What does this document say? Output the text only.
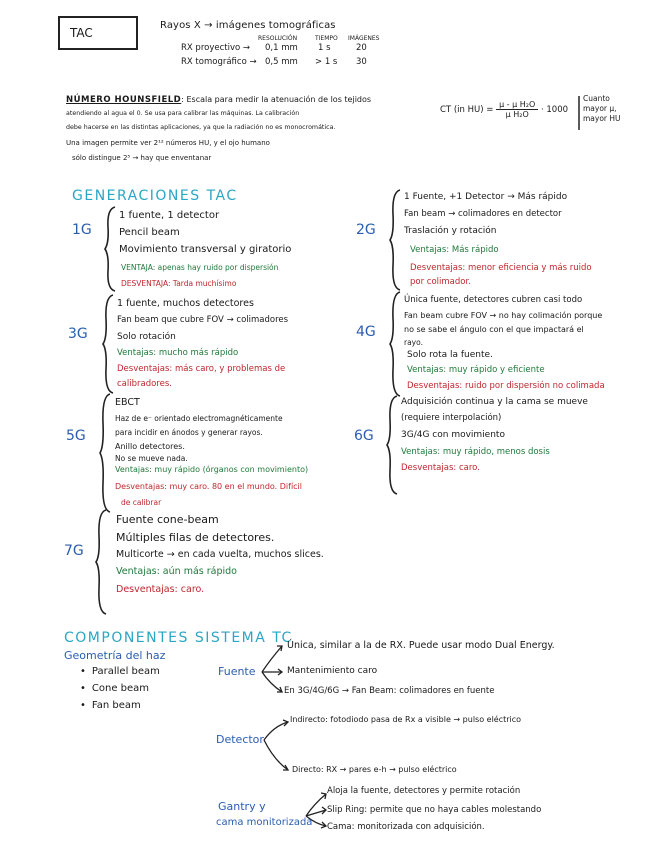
TAC
Rayos X → imágenes tomográficas
RESOLUCIÓN	TIEMPO IMÁGENES
RX proyectivo → 0,1 mm 1 s	20
RX tomográfico → 0,5 mm > 1 s 30
NÚMERO HOUNSFIELD: Escala para medir la atenuación de los tejidos
atendiendo al agua el 0. Se usa para calibrar las máquinas. La calibración
debe hacerse en las distintas aplicaciones, ya que la radiación no es monocromática.
Una imagen permite ver 2¹² números HU, y el ojo humano
sólo distingue 2⁵ → hay que enventanar
CT (in $HU) = \frac{\text{μ - μ H₂O}}{\text{μ H₂O}} \cdot 1000$
Cuanto
mayor μ,
mayor HU
GENERACIONES TAC
1G
1 fuente, 1 detector
Pencil beam
Movimiento transversal y giratorio
VENTAJA: apenas hay ruido por dispersión
DESVENTAJA: Tarda muchísimo
2G
1 Fuente, +1 Detector → Más rápido
Fan beam → colimadores en detector
Traslación y rotación
Ventajas: Más rápido
Desventajas: menor eficiencia y más ruido
por colimador.
3G
1 fuente, muchos detectores
Fan beam que cubre FOV → colimadores
Solo rotación
Ventajas: mucho más rápido
Desventajas: más caro, y problemas de
calibradores.
4G
Única fuente, detectores cubren casi todo
Fan beam cubre FOV → no hay colimación porque
no se sabe el ángulo con el que impactará el
rayo.
Solo rota la fuente.
Ventajas: muy rápido y eficiente
Desventajas: ruido por dispersión no colimada
5G
EBCT
Haz de e⁻ orientado electromagnéticamente
para incidir en ánodos y generar rayos.
Anillo detectores.
No se mueve nada.
Ventajas: muy rápido (órganos con movimiento)
Desventajas: muy caro. 80 en el mundo. Difícil
de calibrar
6G
Adquisición continua y la cama se mueve
(requiere interpolación)
3G/4G con movimiento
Ventajas: muy rápido, menos dosis
Desventajas: caro.
7G
Fuente cone-beam
Múltiples filas de detectores.
Multicorte → en cada vuelta, muchos slices.
Ventajas: aún más rápido
Desventajas: caro.
COMPONENTES SISTEMA TC
Geometría del haz
• Parallel beam
• Cone beam
• Fan beam
Fuente
Única, similar a la de RX. Puede usar modo Dual Energy.
Mantenimiento caro
En 3G/4G/6G → Fan Beam: colimadores en fuente
Detector
Indirecto: fotodiodo pasa de Rx a visible → pulso eléctrico
Directo: RX → pares e-h → pulso eléctrico
Gantry y
cama monitorizada
Aloja la fuente, detectores y permite rotación
Slip Ring: permite que no haya cables molestando
Cama: monitorizada con adquisición.
